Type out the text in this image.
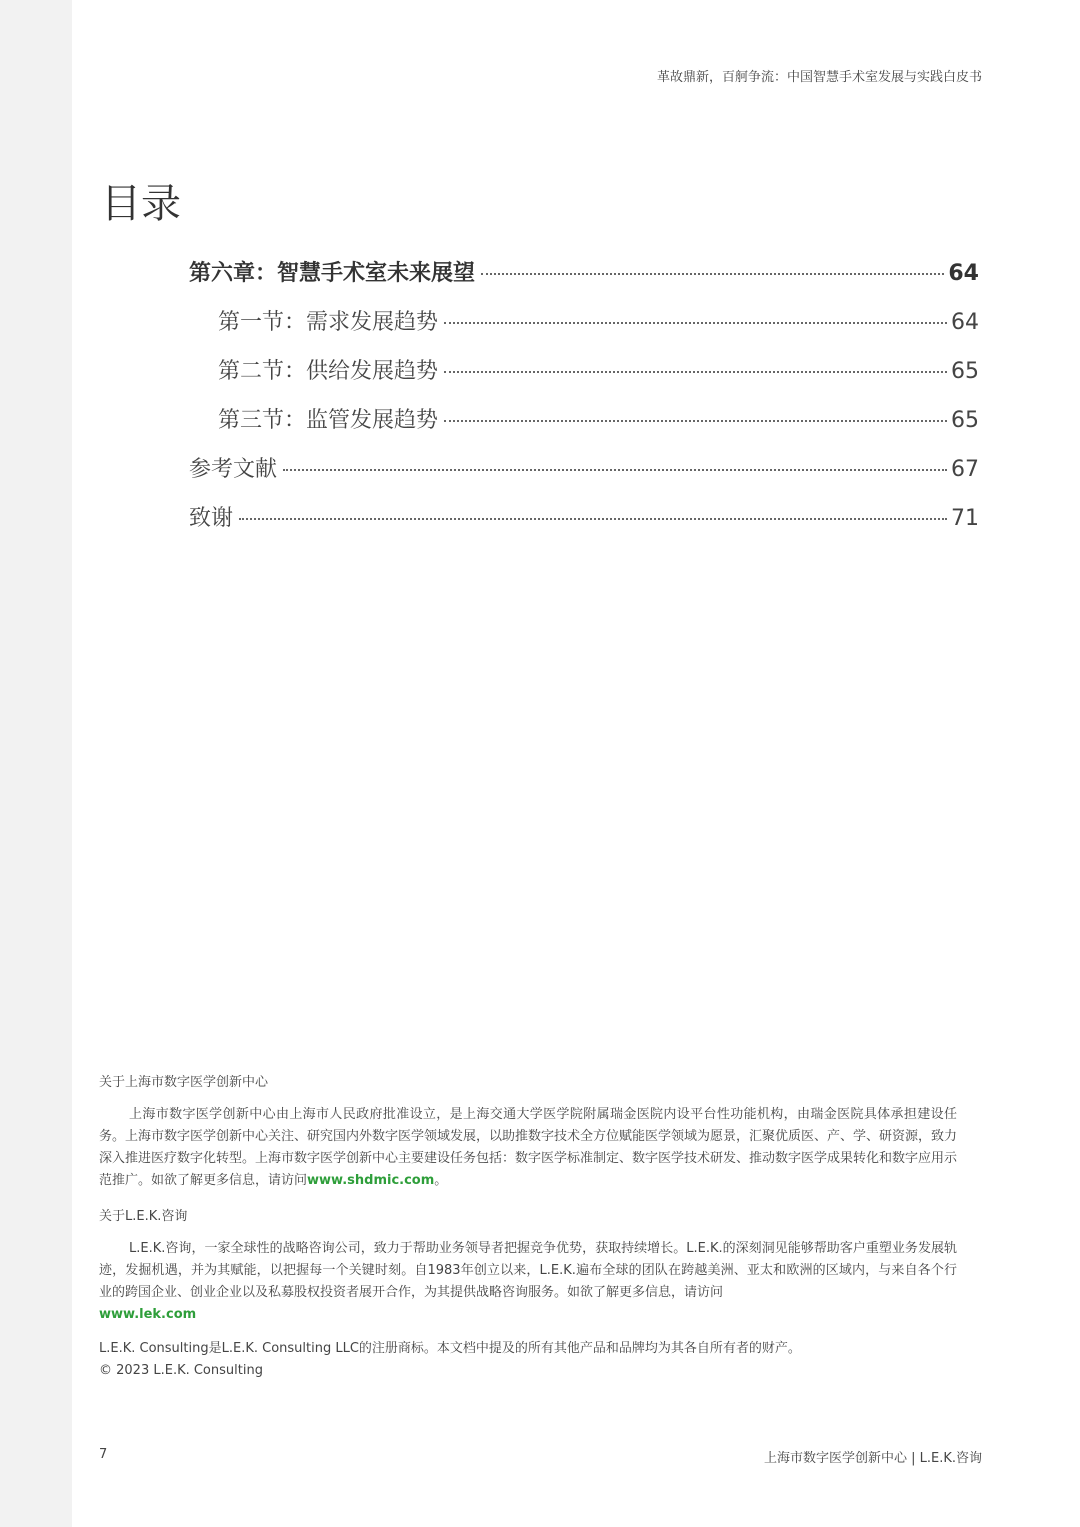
革故鼎新，百舸争流：中国智慧手术室发展与实践白皮书
目录
第六章：智慧手术室未来展望	64
第一节：需求发展趋势	64
第二节：供给发展趋势	65
第三节：监管发展趋势	65
参考文献	67
致谢	71

关于上海市数字医学创新中心

上海市数字医学创新中心由上海市人民政府批准设立，是上海交通大学医学院附属瑞金医院内设平台性功能机构，由瑞金医院具体承担建设任务。上海市数字医学创新中心关注、研究国内外数字医学领域发展，以助推数字技术全方位赋能医学领域为愿景，汇聚优质医、产、学、研资源，致力深入推进医疗数字化转型。上海市数字医学创新中心主要建设任务包括：数字医学标准制定、数字医学技术研发、推动数字医学成果转化和数字应用示范推广。如欲了解更多信息，请访问www.shdmic.com。

关于L.E.K.咨询

L.E.K.咨询，一家全球性的战略咨询公司，致力于帮助业务领导者把握竞争优势，获取持续增长。L.E.K.的深刻洞见能够帮助客户重塑业务发展轨迹，发掘机遇，并为其赋能，以把握每一个关键时刻。自1983年创立以来，L.E.K.遍布全球的团队在跨越美洲、亚太和欧洲的区域内，与来自各个行业的跨国企业、创业企业以及私募股权投资者展开合作，为其提供战略咨询服务。如欲了解更多信息，请访问
www.lek.com

L.E.K. Consulting是L.E.K. Consulting LLC的注册商标。本文档中提及的所有其他产品和品牌均为其各自所有者的财产。

© 2023 L.E.K. Consulting

7	上海市数字医学创新中心 | L.E.K.咨询
